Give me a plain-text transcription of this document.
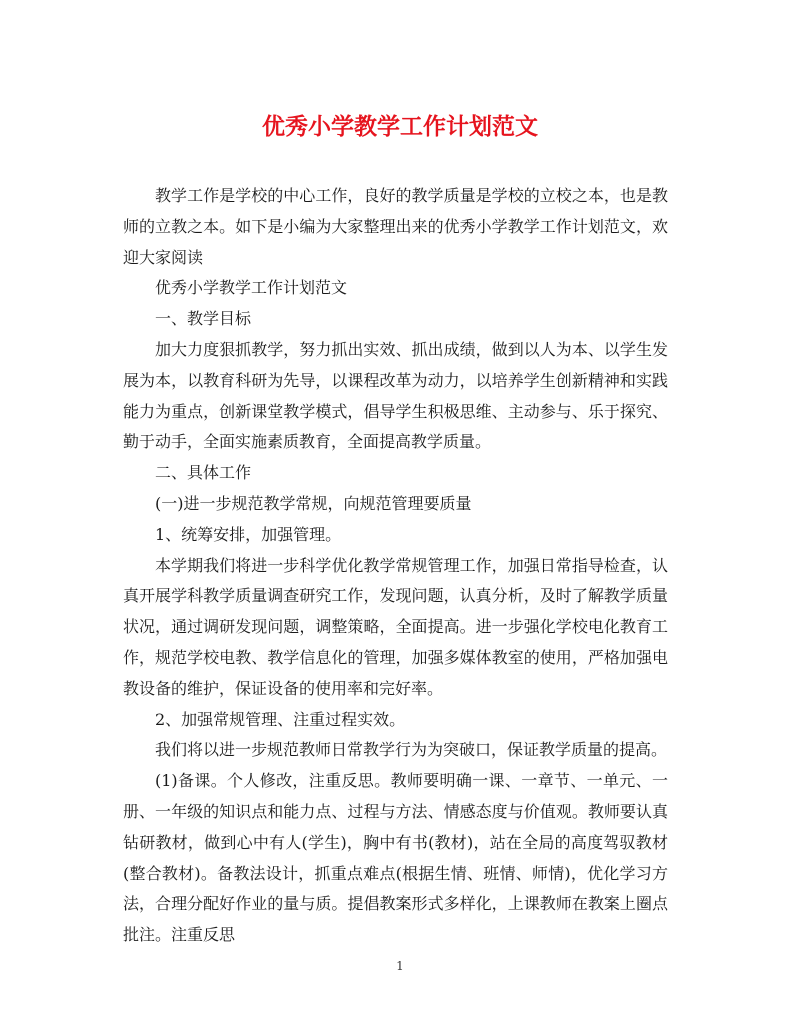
优秀小学教学工作计划范文

教学工作是学校的中心工作，良好的教学质量是学校的立校之本，也是教师的立教之本。如下是小编为大家整理出来的优秀小学教学工作计划范文，欢迎大家阅读

优秀小学教学工作计划范文

一、教学目标

加大力度狠抓教学，努力抓出实效、抓出成绩，做到以人为本、以学生发展为本，以教育科研为先导，以课程改革为动力，以培养学生创新精神和实践能力为重点，创新课堂教学模式，倡导学生积极思维、主动参与、乐于探究、勤于动手，全面实施素质教育，全面提高教学质量。

二、具体工作

(一)进一步规范教学常规，向规范管理要质量

1、统筹安排，加强管理。

本学期我们将进一步科学优化教学常规管理工作，加强日常指导检查，认真开展学科教学质量调查研究工作，发现问题，认真分析，及时了解教学质量状况，通过调研发现问题，调整策略，全面提高。进一步强化学校电化教育工作，规范学校电教、教学信息化的管理，加强多媒体教室的使用，严格加强电教设备的维护，保证设备的使用率和完好率。

2、加强常规管理、注重过程实效。

我们将以进一步规范教师日常教学行为为突破口，保证教学质量的提高。

(1)备课。个人修改，注重反思。教师要明确一课、一章节、一单元、一册、一年级的知识点和能力点、过程与方法、情感态度与价值观。教师要认真钻研教材，做到心中有人(学生)，胸中有书(教材)，站在全局的高度驾驭教材(整合教材)。备教法设计，抓重点难点(根据生情、班情、师情)，优化学习方法，合理分配好作业的量与质。提倡教案形式多样化，上课教师在教案上圈点批注。注重反思

1
